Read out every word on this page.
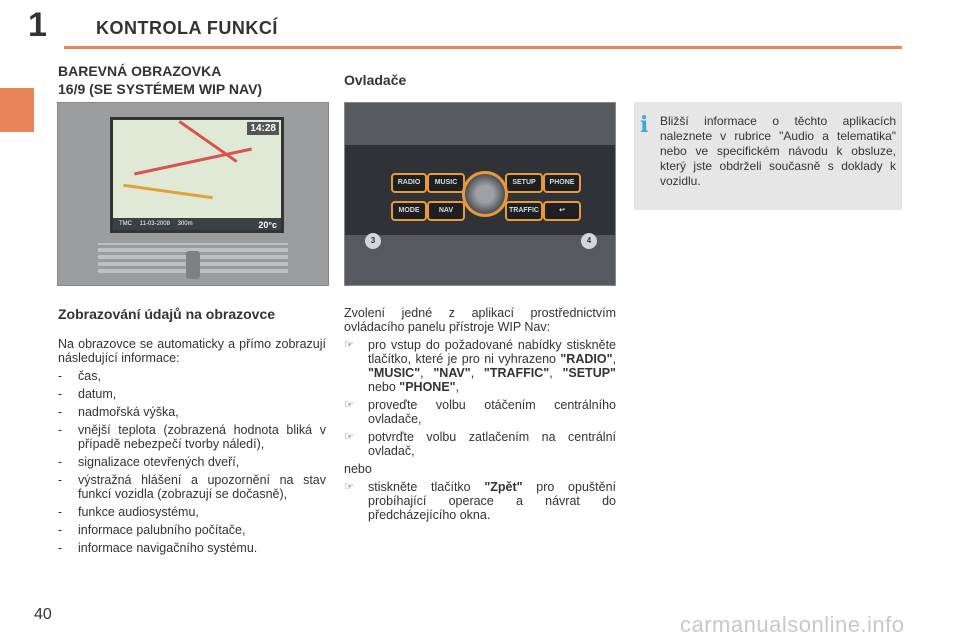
1	KONTROLA FUNKCÍ
BAREVNÁ OBRAZOVKA
16/9 (SE SYSTÉMEM WIP NAV)
Ovladače
14:28
TMC 11-03-2008 300m	20°c
RADIO	MUSIC	SETUP	PHONE
MODE	NAV	TRAFFIC	↩
3	4
i Bližší informace o těchto aplikacích naleznete v rubrice "Audio a telematika" nebo ve specifickém návodu k obsluze, který jste obdrželi současně s doklady k vozidlu.
Zobrazování údajů na obrazovce
Na obrazovce se automaticky a přímo zobrazují následující informace:
-	čas,
-	datum,
-	nadmořská výška,
-	vnější teplota (zobrazená hodnota bliká v případě nebezpečí tvorby náledí),
-	signalizace otevřených dveří,
-	výstražná hlášení a upozornění na stav funkcí vozidla (zobrazují se dočasně),
-	funkce audiosystému,
-	informace palubního počítače,
-	informace navigačního systému.
Zvolení jedné z aplikací prostřednictvím ovládacího panelu přístroje WIP Nav:
☞	pro vstup do požadované nabídky stiskněte tlačítko, které je pro ni vyhrazeno "RADIO", "MUSIC", "NAV", "TRAFFIC", "SETUP" nebo "PHONE",
☞	proveďte volbu otáčením centrálního ovladače,
☞	potvrďte volbu zatlačením na centrální ovladač,
nebo
☞	stiskněte tlačítko "Zpět" pro opuštění probíhající operace a návrat do předcházejícího okna.
40	carmanualsonline.info
